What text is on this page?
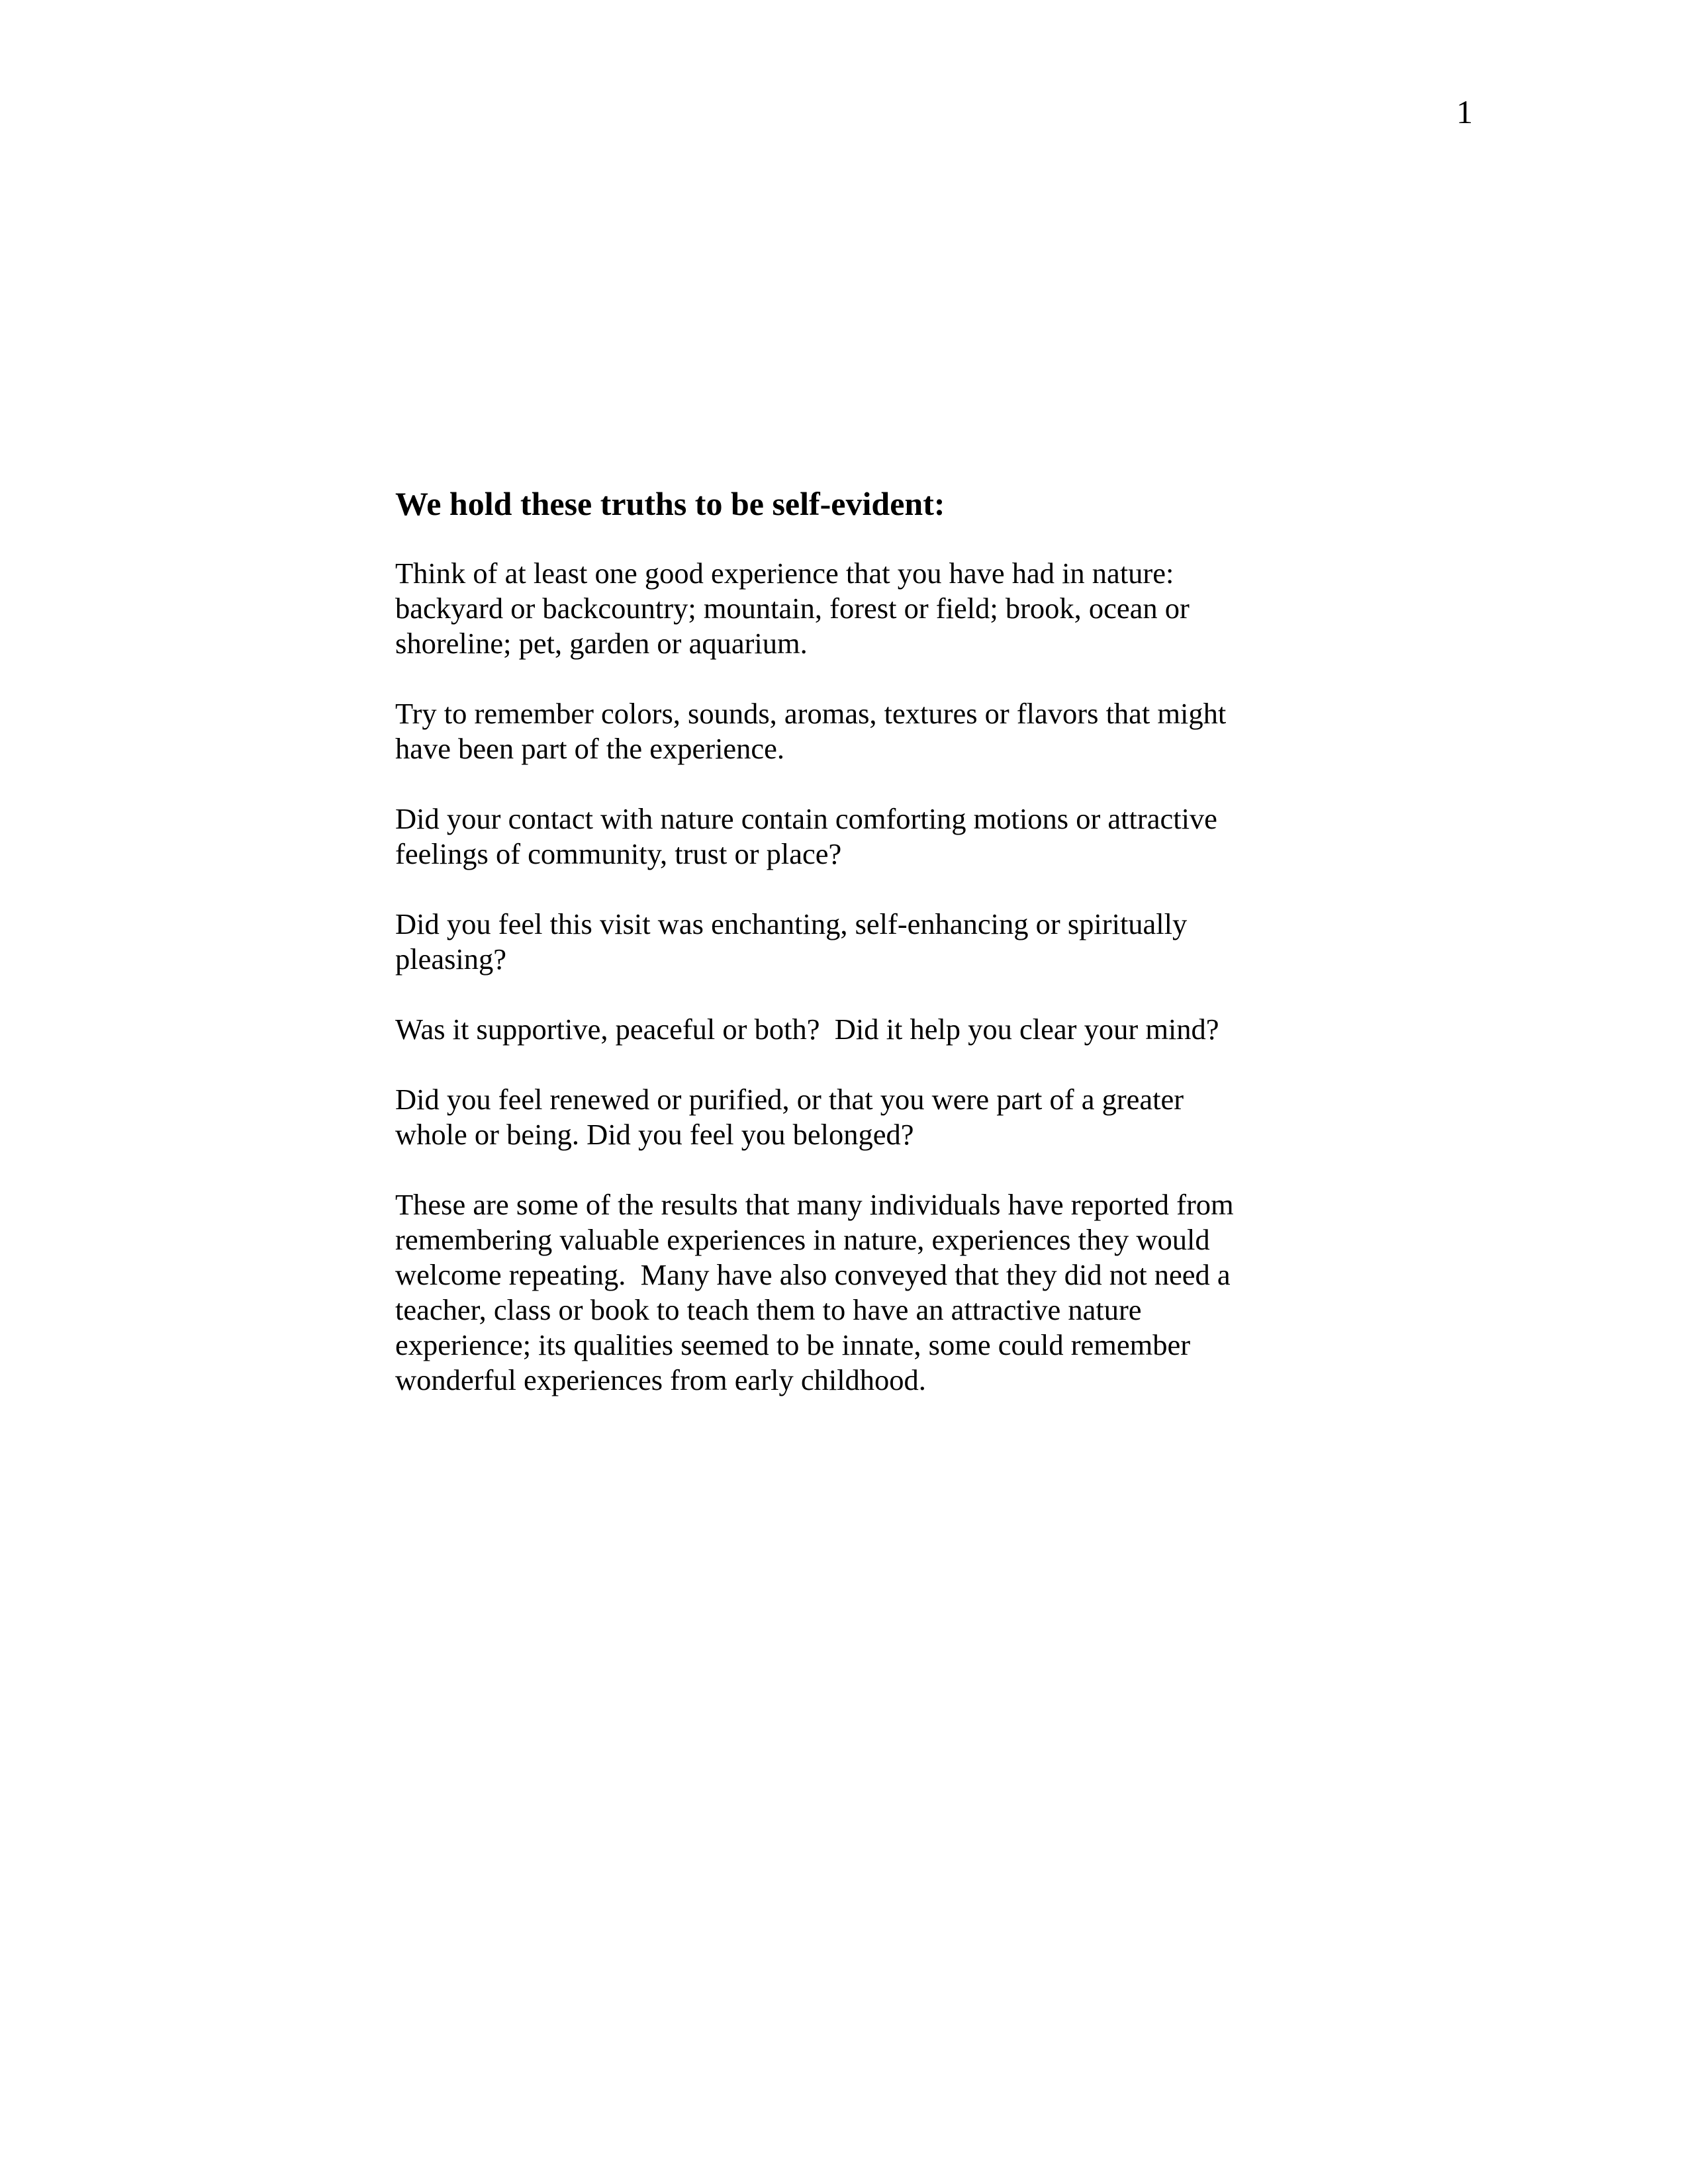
1
We hold these truths to be self-evident:
Think of at least one good experience that you have had in nature:
backyard or backcountry; mountain, forest or field; brook, ocean or
shoreline; pet, garden or aquarium.
Try to remember colors, sounds, aromas, textures or flavors that might
have been part of the experience.
Did your contact with nature contain comforting motions or attractive
feelings of community, trust or place?
Did you feel this visit was enchanting, self-enhancing or spiritually
pleasing?
Was it supportive, peaceful or both?  Did it help you clear your mind?
Did you feel renewed or purified, or that you were part of a greater
whole or being. Did you feel you belonged?
These are some of the results that many individuals have reported from
remembering valuable experiences in nature, experiences they would
welcome repeating.  Many have also conveyed that they did not need a
teacher, class or book to teach them to have an attractive nature
experience; its qualities seemed to be innate, some could remember
wonderful experiences from early childhood.
